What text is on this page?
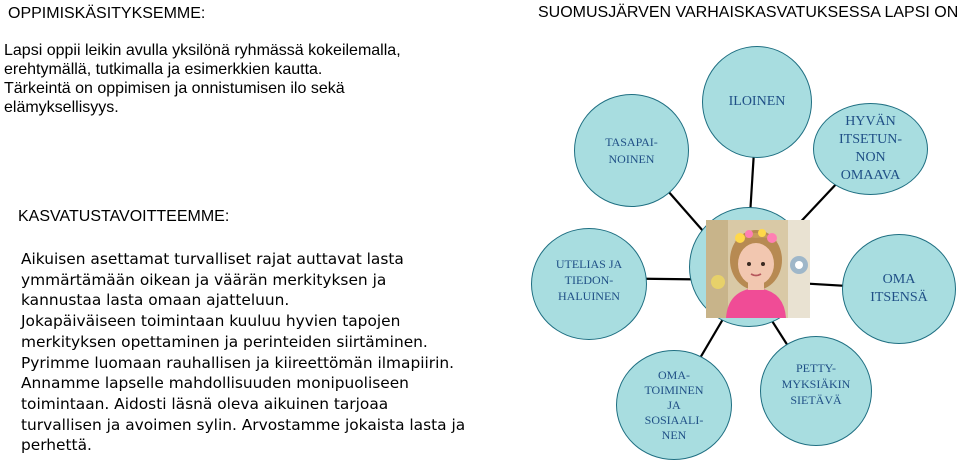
OPPIMISKÄSITYKSEMME:
Lapsi oppii leikin avulla yksilönä ryhmässä kokeilemalla,
erehtymällä, tutkimalla ja esimerkkien kautta.
Tärkeintä on oppimisen ja onnistumisen ilo sekä
elämyksellisyys.
KASVATUSTAVOITTEEMME:
Aikuisen asettamat turvalliset rajat auttavat lasta
ymmärtämään oikean ja väärän merkityksen ja
kannustaa lasta omaan ajatteluun.
Jokapäiväiseen toimintaan kuuluu hyvien tapojen
merkityksen opettaminen ja perinteiden siirtäminen.
Pyrimme luomaan rauhallisen ja kiireettömän ilmapiirin.
Annamme lapselle mahdollisuuden monipuoliseen
toimintaan. Aidosti läsnä oleva aikuinen tarjoaa
turvallisen ja avoimen sylin. Arvostamme jokaista lasta ja
perhettä.
SUOMUSJÄRVEN VARHAISKASVATUKSESSA LAPSI ON
ILOINEN
TASAPAI-
NOINEN
HYVÄN
ITSETUN-
NON
OMAAVA
UTELIAS JA
TIEDON-
HALUINEN
OMA
ITSENSÄ
OMA-
TOIMINEN
JA
SOSIAALI-
NEN
PETTY-
MYKSIÄKIN
SIETÄVÄ
